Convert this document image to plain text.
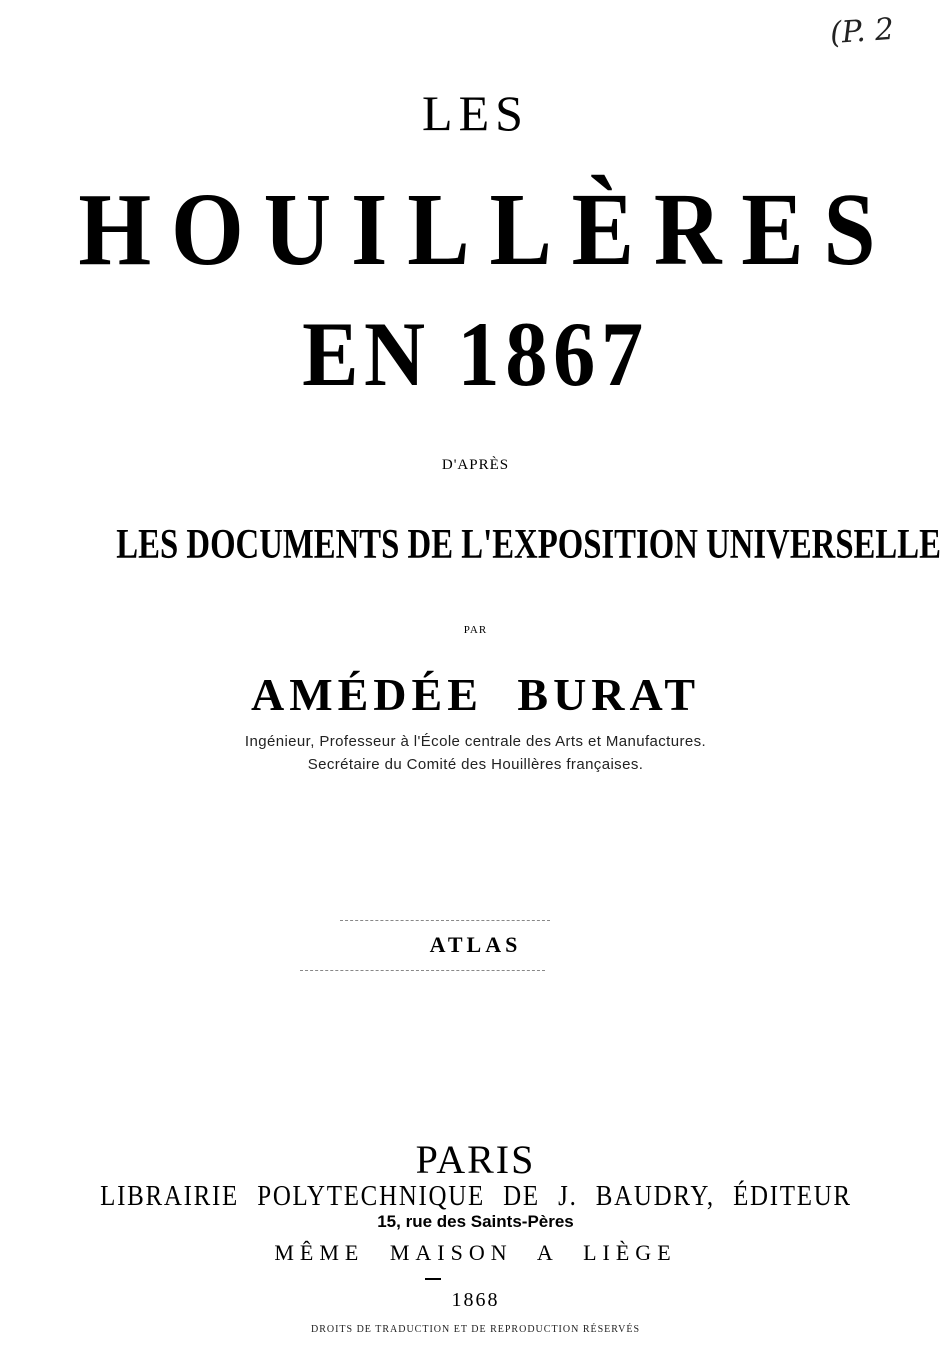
(P. 2
LES
HOUILLÈRES
EN 1867
D'APRÈS
LES DOCUMENTS DE L'EXPOSITION UNIVERSELLE
PAR
AMÉDÉE BURAT
Ingénieur, Professeur à l'École centrale des Arts et Manufactures.
Secrétaire du Comité des Houillères françaises.
ATLAS
PARIS
LIBRAIRIE POLYTECHNIQUE DE J. BAUDRY, ÉDITEUR
15, rue des Saints-Pères
MÊME MAISON A LIÈGE
1868
DROITS DE TRADUCTION ET DE REPRODUCTION RÉSERVÉS
